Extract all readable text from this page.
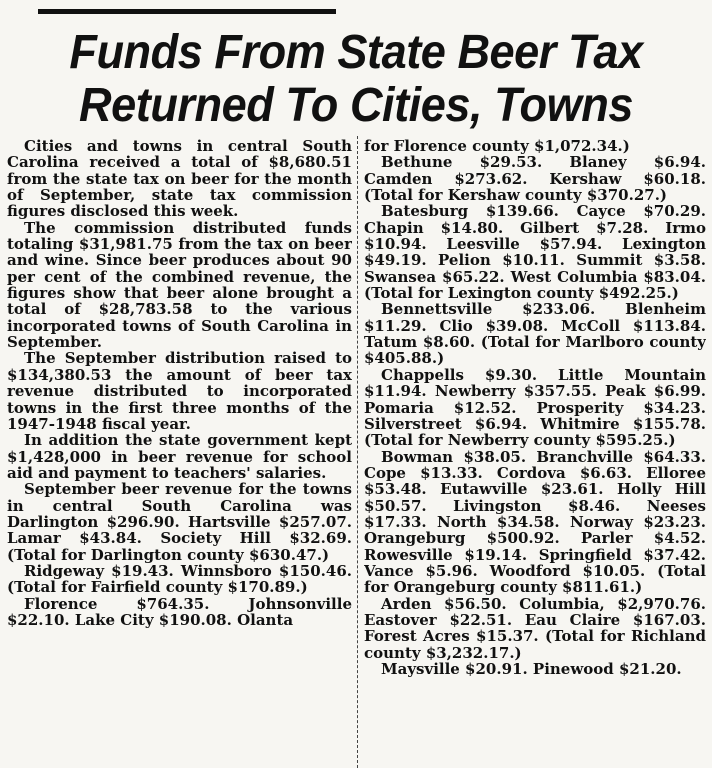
Funds From State Beer Tax
Returned To Cities, Towns

Cities and towns in central South Carolina received a total of $8,680.51 from the state tax on beer for the month of September, state tax commission figures disclosed this week.

The commission distributed funds totaling $31,981.75 from the tax on beer and wine. Since beer produces about 90 per cent of the combined revenue, the figures show that beer alone brought a total of $28,783.58 to the various incorporated towns of South Carolina in September.

The September distribution raised to $134,380.53 the amount of beer tax revenue distributed to incorporated towns in the first three months of the 1947-1948 fiscal year.

In addition the state government kept $1,428,000 in beer revenue for school aid and payment to teachers' salaries.

September beer revenue for the towns in central South Carolina was Darlington $296.90. Hartsville $257.07. Lamar $43.84. Society Hill $32.69. (Total for Darlington county $630.47.)

Ridgeway $19.43. Winnsboro $150.46. (Total for Fairfield county $170.89.)

Florence $764.35. Johnsonville $22.10. Lake City $190.08. Olanta

for Florence county $1,072.34.)

Bethune $29.53. Blaney $6.94. Camden $273.62. Kershaw $60.18. (Total for Kershaw county $370.27.)

Batesburg $139.66. Cayce $70.29. Chapin $14.80. Gilbert $7.28. Irmo $10.94. Leesville $57.94. Lexington $49.19. Pelion $10.11. Summit $3.58. Swansea $65.22. West Columbia $83.04. (Total for Lexington county $492.25.)

Bennettsville $233.06. Blenheim $11.29. Clio $39.08. McColl $113.84. Tatum $8.60. (Total for Marlboro county $405.88.)

Chappells $9.30. Little Mountain $11.94. Newberry $357.55. Peak $6.99. Pomaria $12.52. Prosperity $34.23. Silverstreet $6.94. Whitmire $155.78. (Total for Newberry county $595.25.)

Bowman $38.05. Branchville $64.33. Cope $13.33. Cordova $6.63. Elloree $53.48. Eutawville $23.61. Holly Hill $50.57. Livingston $8.46. Neeses $17.33. North $34.58. Norway $23.23. Orangeburg $500.92. Parler $4.52. Rowesville $19.14. Springfield $37.42. Vance $5.96. Woodford $10.05. (Total for Orangeburg county $811.61.)

Arden $56.50. Columbia, $2,970.76. Eastover $22.51. Eau Claire $167.03. Forest Acres $15.37. (Total for Richland county $3,232.17.)

Maysville $20.91. Pinewood $21.20.
